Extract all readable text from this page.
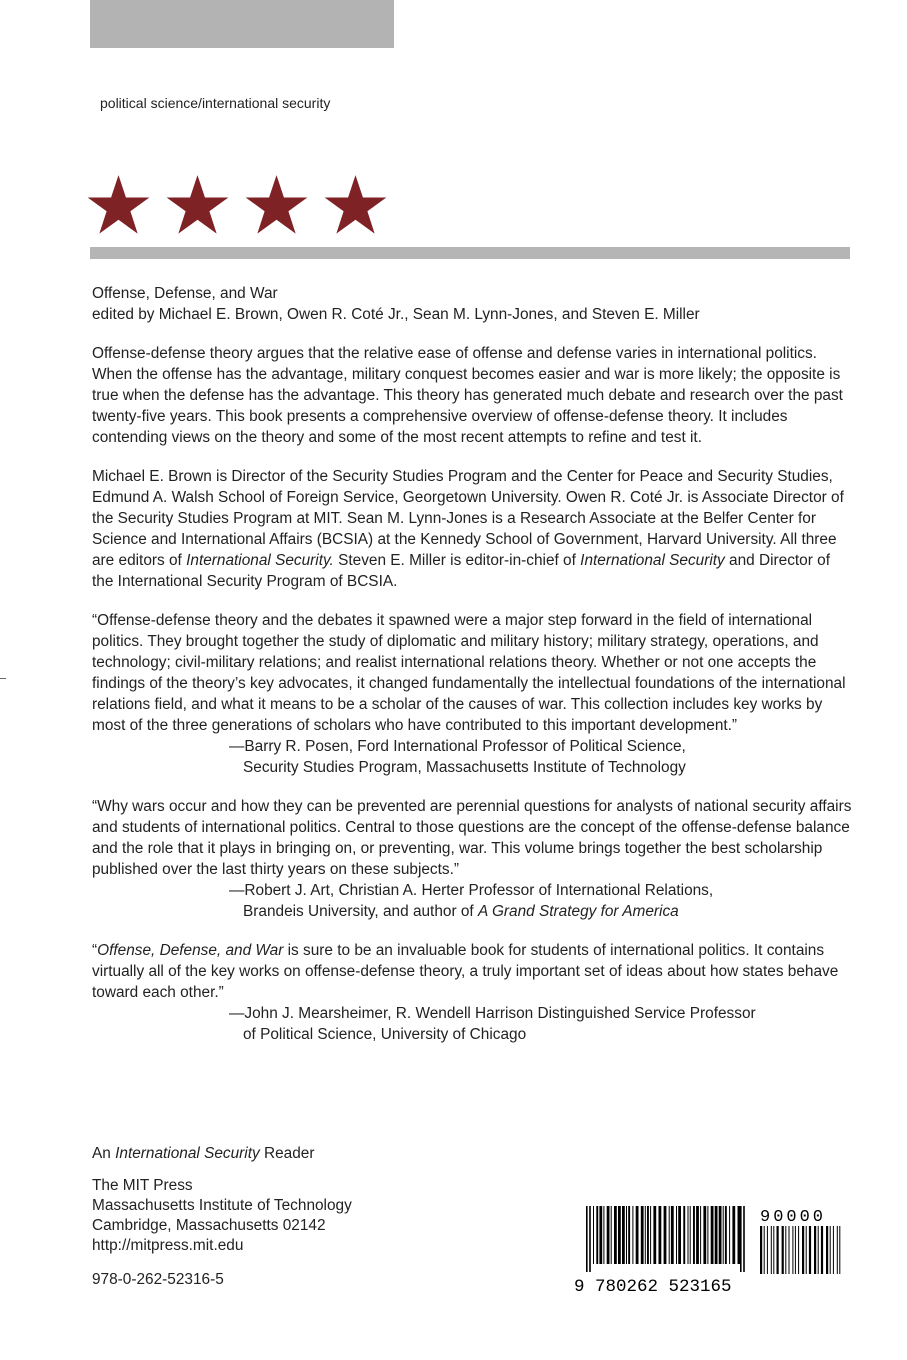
political science/international security

Offense, Defense, and War

edited by Michael E. Brown, Owen R. Coté Jr., Sean M. Lynn-Jones, and Steven E. Miller

Offense-defense theory argues that the relative ease of offense and defense varies in international politics. When the offense has the advantage, military conquest becomes easier and war is more likely; the opposite is true when the defense has the advantage. This theory has generated much debate and research over the past twenty-five years. This book presents a comprehensive overview of offense-defense theory. It includes contending views on the theory and some of the most recent attempts to refine and test it.

Michael E. Brown is Director of the Security Studies Program and the Center for Peace and Security Studies, Edmund A. Walsh School of Foreign Service, Georgetown University. Owen R. Coté Jr. is Associate Director of the Security Studies Program at MIT. Sean M. Lynn-Jones is a Research Associate at the Belfer Center for Science and International Affairs (BCSIA) at the Kennedy School of Government, Harvard University. All three are editors of International Security. Steven E. Miller is editor-in-chief of International Security and Director of the International Security Program of BCSIA.

“Offense-defense theory and the debates it spawned were a major step forward in the field of international politics. They brought together the study of diplomatic and military history; military strategy, operations, and technology; civil-military relations; and realist international relations theory. Whether or not one accepts the findings of the theory’s key advocates, it changed fundamentally the intellectual foundations of the international relations field, and what it means to be a scholar of the causes of war. This collection includes key works by most of the three generations of scholars who have contributed to this important development.”

—Barry R. Posen, Ford International Professor of Political Science,
Security Studies Program, Massachusetts Institute of Technology

“Why wars occur and how they can be prevented are perennial questions for analysts of national security affairs and students of international politics. Central to those questions are the concept of the offense-defense balance and the role that it plays in bringing on, or preventing, war. This volume brings together the best scholarship published over the last thirty years on these subjects.”

—Robert J. Art, Christian A. Herter Professor of International Relations,
Brandeis University, and author of A Grand Strategy for America

“Offense, Defense, and War is sure to be an invaluable book for students of international politics. It contains virtually all of the key works on offense-defense theory, a truly important set of ideas about how states behave toward each other.”

—John J. Mearsheimer, R. Wendell Harrison Distinguished Service Professor
of Political Science, University of Chicago

An International Security Reader

The MIT Press

Massachusetts Institute of Technology

Cambridge, Massachusetts 02142

http://mitpress.mit.edu

978-0-262-52316-5

90000
9 780262 523165
